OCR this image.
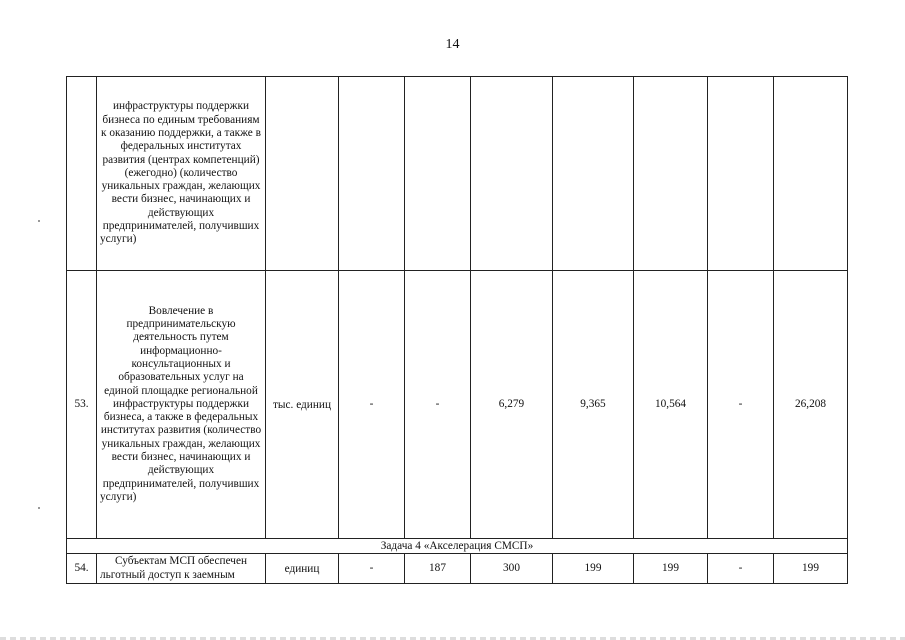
14
	инфраструктуры поддержки бизнеса по единым требованиям к оказанию поддержки, а также в федеральных институтах развития (центрах компетенций) (ежегодно) (количество уникальных граждан, желающих вести бизнес, начинающих и действующих предпринимателей, получивших услуги)								
53.	Вовлечение в предпринимательскую деятельность путем информационно-консультационных и образовательных услуг на единой площадке региональной инфраструктуры поддержки бизнеса, а также в федеральных институтах развития (количество уникальных граждан, желающих вести бизнес, начинающих и действующих предпринимателей, получивших услуги)	тыс. единиц	-	-	6,279	9,365	10,564	-	26,208
Задача 4 «Акселерация СМСП»									
54.	Субъектам МСП обеспечен льготный доступ к заемным	единиц	-	187	300	199	199	-	199
